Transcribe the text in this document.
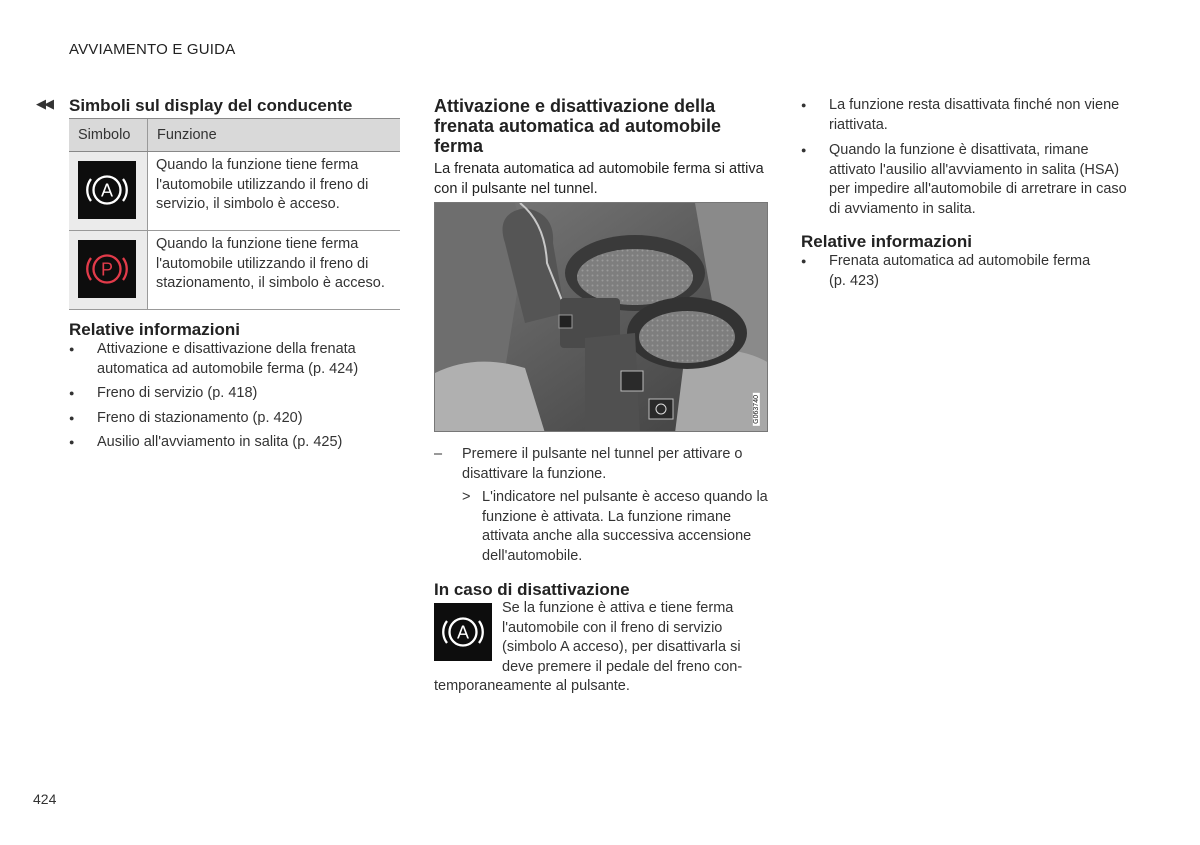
AVVIAMENTO E GUIDA
◀◀ Simboli sul display del conducente
Simbolo	Funzione

A	Quando la funzione tiene ferma l'automobile utilizzando il freno di servizio, il simbolo è acceso.

P	Quando la funzione tiene ferma l'automobile utilizzando il freno di stazionamento, il simbolo è acceso.
Relative informazioni
● Attivazione e disattivazione della frenata automatica ad automobile ferma (p. 424)
● Freno di servizio (p. 418)
● Freno di stazionamento (p. 420)
● Ausilio all'avviamento in salita (p. 425)
Attivazione e disattivazione della frenata automatica ad automobile ferma
La frenata automatica ad automobile ferma si attiva con il pulsante nel tunnel.
G063740
– Premere il pulsante nel tunnel per attivare o disattivare la funzione.
> L'indicatore nel pulsante è acceso quando la funzione è attivata. La funzione rimane attivata anche alla successiva accensione dell'automobile.
In caso di disattivazione
A
Se la funzione è attiva e tiene ferma
l'automobile con il freno di servizio
(simbolo A acceso), per disattivarla si
deve premere il pedale del freno con-
temporaneamente al pulsante.
● La funzione resta disattivata finché non viene riattivata.
● Quando la funzione è disattivata, rimane attivato l'ausilio all'avviamento in salita (HSA) per impedire all'automobile di arretrare in caso di avviamento in salita.
Relative informazioni
● Frenata automatica ad automobile ferma (p. 423)
424
